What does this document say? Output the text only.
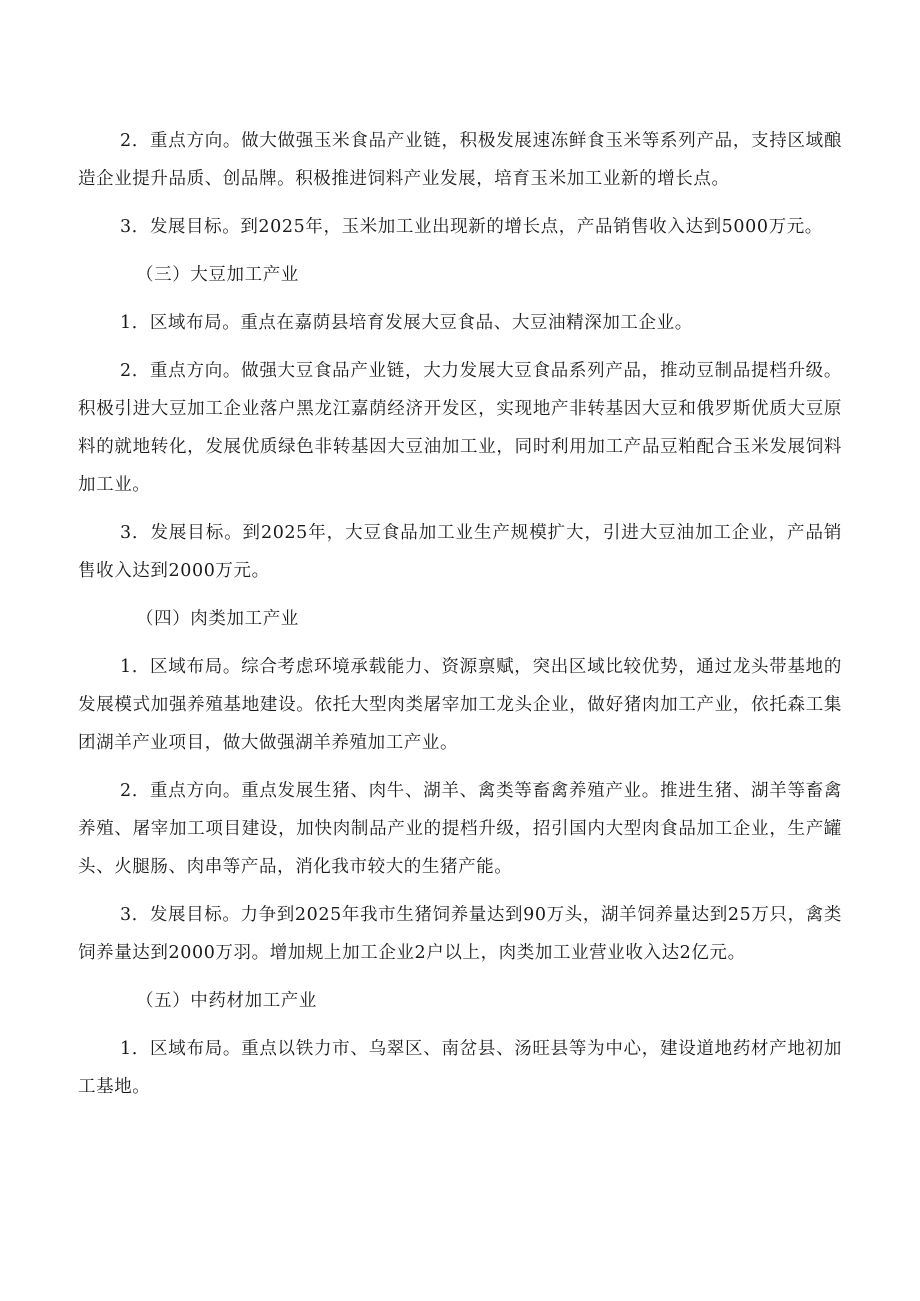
2．重点方向。做大做强玉米食品产业链，积极发展速冻鲜食玉米等系列产品，支持区域酿造企业提升品质、创品牌。积极推进饲料产业发展，培育玉米加工业新的增长点。

3．发展目标。到2025年，玉米加工业出现新的增长点，产品销售收入达到5000万元。

（三）大豆加工产业

1．区域布局。重点在嘉荫县培育发展大豆食品、大豆油精深加工企业。

2．重点方向。做强大豆食品产业链，大力发展大豆食品系列产品，推动豆制品提档升级。积极引进大豆加工企业落户黑龙江嘉荫经济开发区，实现地产非转基因大豆和俄罗斯优质大豆原料的就地转化，发展优质绿色非转基因大豆油加工业，同时利用加工产品豆粕配合玉米发展饲料加工业。

3．发展目标。到2025年，大豆食品加工业生产规模扩大，引进大豆油加工企业，产品销售收入达到2000万元。

（四）肉类加工产业

1．区域布局。综合考虑环境承载能力、资源禀赋，突出区域比较优势，通过龙头带基地的发展模式加强养殖基地建设。依托大型肉类屠宰加工龙头企业，做好猪肉加工产业，依托森工集团湖羊产业项目，做大做强湖羊养殖加工产业。

2．重点方向。重点发展生猪、肉牛、湖羊、禽类等畜禽养殖产业。推进生猪、湖羊等畜禽养殖、屠宰加工项目建设，加快肉制品产业的提档升级，招引国内大型肉食品加工企业，生产罐头、火腿肠、肉串等产品，消化我市较大的生猪产能。

3．发展目标。力争到2025年我市生猪饲养量达到90万头，湖羊饲养量达到25万只，禽类饲养量达到2000万羽。增加规上加工企业2户以上，肉类加工业营业收入达2亿元。

（五）中药材加工产业

1．区域布局。重点以铁力市、乌翠区、南岔县、汤旺县等为中心，建设道地药材产地初加工基地。
